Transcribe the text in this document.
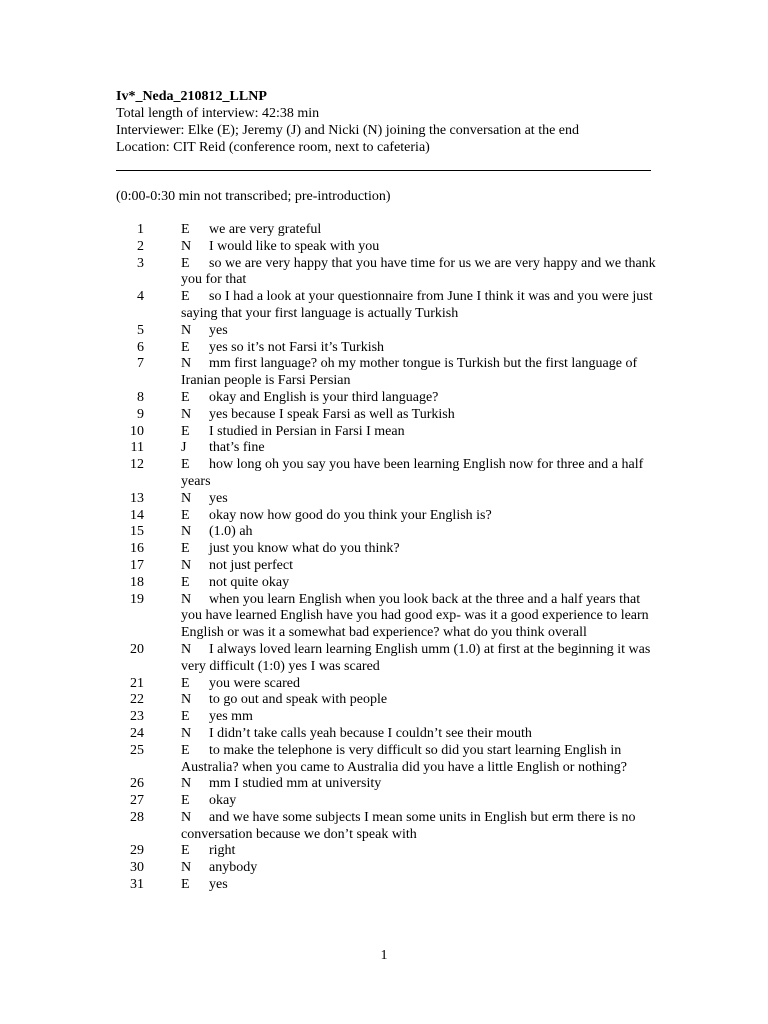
Iv*_Neda_210812_LLNP
Total length of interview: 42:38 min
Interviewer: Elke (E); Jeremy (J) and Nicki (N) joining the conversation at the end
Location: CIT Reid (conference room, next to cafeteria)
(0:00-0:30 min not transcribed; pre-introduction)
1	E	we are very grateful
2	N	I would like to speak with you
3	E	so we are very happy that you have time for us we are very happy and we thank you for that
4	E	so I had a look at your questionnaire from June I think it was and you were just saying that your first language is actually Turkish
5	N	yes
6	E	yes so it’s not Farsi it’s Turkish
7	N	mm first language? oh my mother tongue is Turkish but the first language of Iranian people is Farsi Persian
8	E	okay and English is your third language?
9	N	yes because I speak Farsi as well as Turkish
10	E	I studied in Persian in Farsi I mean
11	J	that’s fine
12	E	how long oh you say you have been learning English now for three and a half years
13	N	yes
14	E	okay now how good do you think your English is?
15	N	(1.0) ah
16	E	just you know what do you think?
17	N	not just perfect
18	E	not quite okay
19	N	when you learn English when you look back at the three and a half years that you have learned English have you had good exp- was it a good experience to learn English or was it a somewhat bad experience? what do you think overall
20	N	I always loved learn learning English umm (1.0) at first at the beginning it was very difficult (1:0) yes I was scared
21	E	you were scared
22	N	to go out and speak with people
23	E	yes mm
24	N	I didn’t take calls yeah because I couldn’t see their mouth
25	E	to make the telephone is very difficult so did you start learning English in Australia? when you came to Australia did you have a little English or nothing?
26	N	mm I studied mm at university
27	E	okay
28	N	and we have some subjects I mean some units in English but erm there is no conversation because we don’t speak with
29	E	right
30	N	anybody
31	E	yes
1
